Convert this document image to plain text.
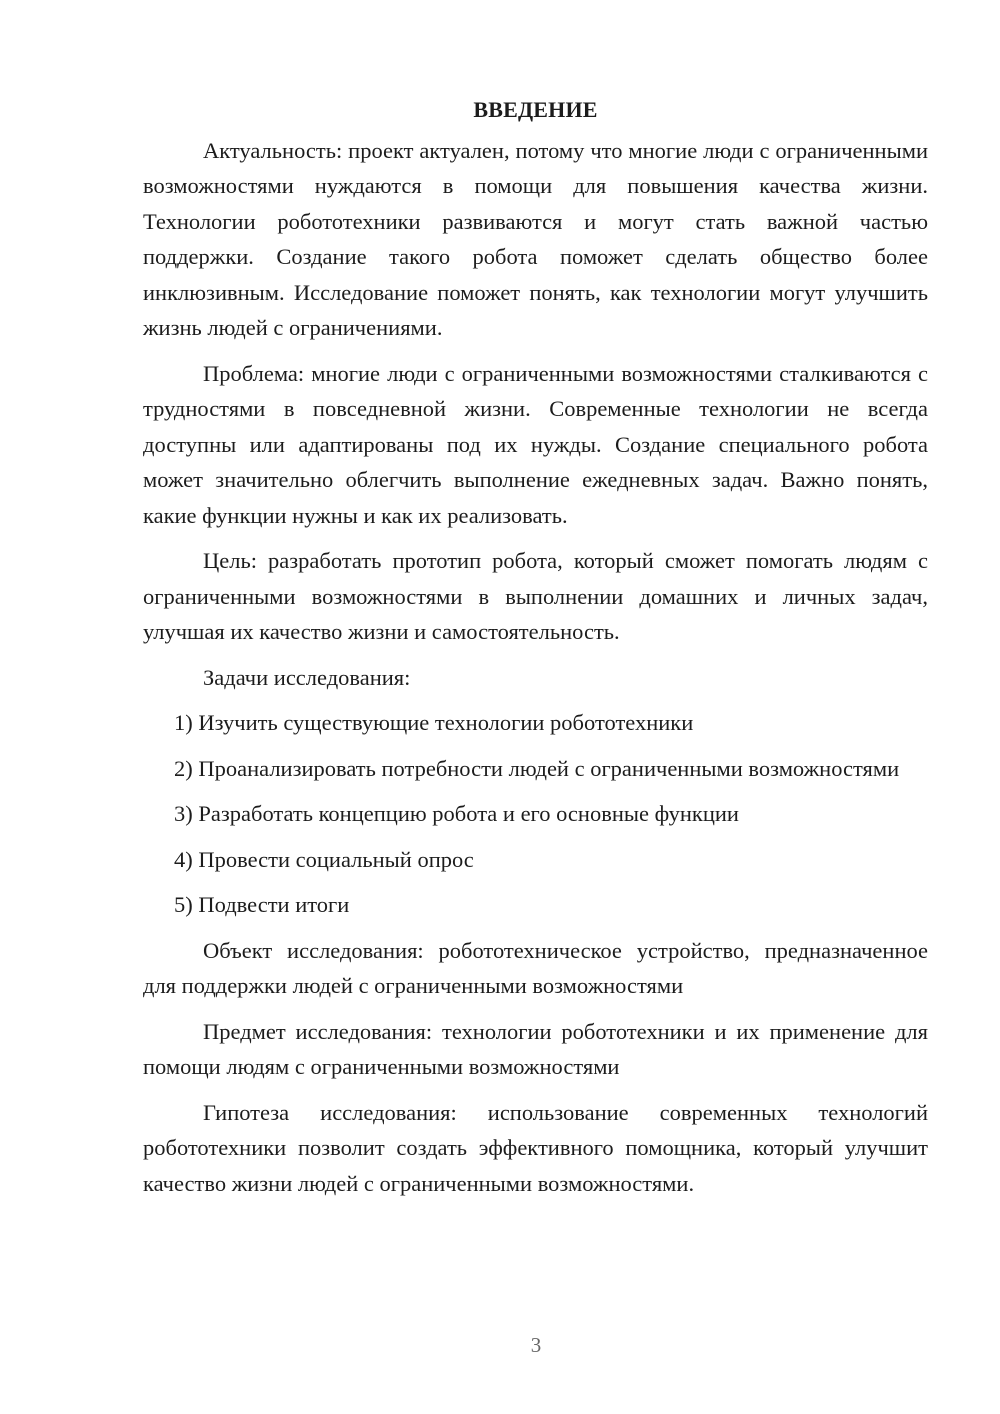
ВВЕДЕНИЕ

Актуальность: проект актуален, потому что многие люди с ограниченными возможностями нуждаются в помощи для повышения качества жизни. Технологии робототехники развиваются и могут стать важной частью поддержки. Создание такого робота поможет сделать общество более инклюзивным. Исследование поможет понять, как технологии могут улучшить жизнь людей с ограничениями.

Проблема: многие люди с ограниченными возможностями сталкиваются с трудностями в повседневной жизни. Современные технологии не всегда доступны или адаптированы под их нужды. Создание специального робота может значительно облегчить выполнение ежедневных задач. Важно понять, какие функции нужны и как их реализовать.

Цель: разработать прототип робота, который сможет помогать людям с ограниченными возможностями в выполнении домашних и личных задач, улучшая их качество жизни и самостоятельность.

Задачи исследования:

1) Изучить существующие технологии робототехники

2) Проанализировать потребности людей с ограниченными возможностями

3) Разработать концепцию робота и его основные функции

4) Провести социальный опрос

5) Подвести итоги

Объект исследования: робототехническое устройство, предназначенное для поддержки людей с ограниченными возможностями

Предмет исследования: технологии робототехники и их применение для помощи людям с ограниченными возможностями

Гипотеза исследования: использование современных технологий робототехники позволит создать эффективного помощника, который улучшит качество жизни людей с ограниченными возможностями.

3
